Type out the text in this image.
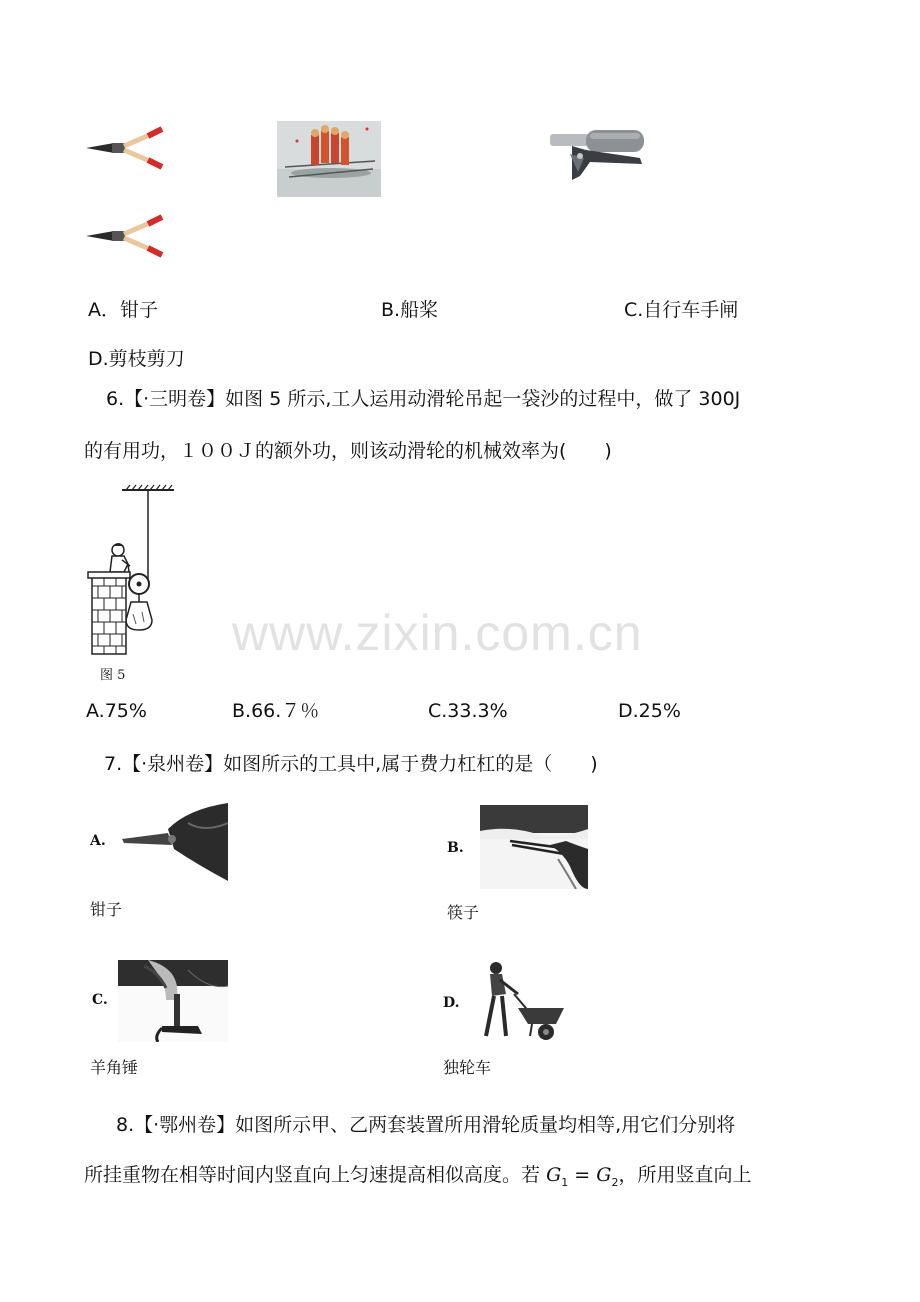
www.zixin.com.cn
A．钳子	B.船桨	C.自行车手闸
D.剪枝剪刀
6.【·三明卷】如图 5 所示,工人运用动滑轮吊起一袋沙的过程中，做了 300J
的有用功，１００Ｊ的额外功，则该动滑轮的机械效率为(　　)
图 5
A.75%	B.66.７％	C.33.3%	D.25%
7.【·泉州卷】如图所示的工具中,属于费力杠杠的是（　　)
A.
钳子
B.
筷子
C.
羊角锤
D.
独轮车
8.【·鄂州卷】如图所示甲、乙两套装置所用滑轮质量均相等,用它们分别将
所挂重物在相等时间内竖直向上匀速提高相似高度。若 $G_1 = G_2$，所用竖直向上
